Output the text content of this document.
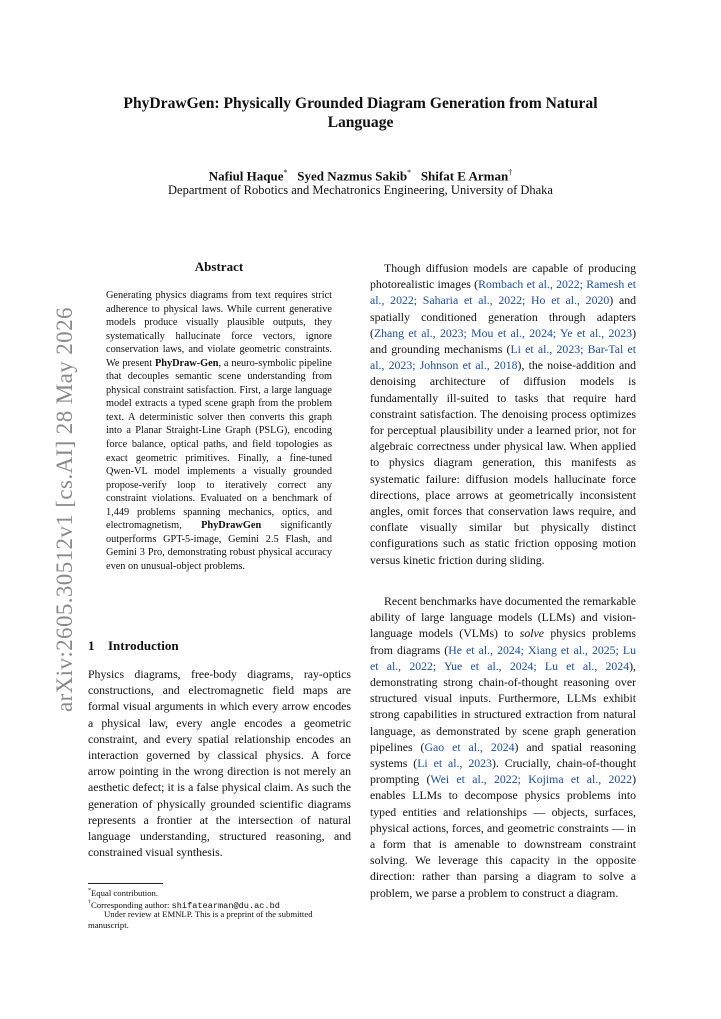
PhyDrawGen: Physically Grounded Diagram Generation from Natural
Language
Nafiul Haque* Syed Nazmus Sakib* Shifat E Arman†
Department of Robotics and Mechatronics Engineering, University of Dhaka
arXiv:2605.30512v1 [cs.AI] 28 May 2026
Abstract
Generating physics diagrams from text requires strict adherence to physical laws. While current generative models produce visually plausible outputs, they systematically hallucinate force vectors, ignore conservation laws, and violate geometric constraints. We present PhyDraw-Gen, a neuro-symbolic pipeline that decouples semantic scene understanding from physical constraint satisfaction. First, a large language model extracts a typed scene graph from the problem text. A deterministic solver then converts this graph into a Planar Straight-Line Graph (PSLG), encoding force balance, optical paths, and field topologies as exact geometric primitives. Finally, a fine-tuned Qwen-VL model implements a visually grounded propose-verify loop to iteratively correct any constraint violations. Evaluated on a benchmark of 1,449 problems spanning mechanics, optics, and electromagnetism, PhyDrawGen significantly outperforms GPT-5-image, Gemini 2.5 Flash, and Gemini 3 Pro, demonstrating robust physical accuracy even on unusual-object problems.
1 Introduction
Physics diagrams, free-body diagrams, ray-optics constructions, and electromagnetic field maps are formal visual arguments in which every arrow encodes a physical law, every angle encodes a geometric constraint, and every spatial relationship encodes an interaction governed by classical physics. A force arrow pointing in the wrong direction is not merely an aesthetic defect; it is a false physical claim. As such the generation of physically grounded scientific diagrams represents a frontier at the intersection of natural language understanding, structured reasoning, and constrained visual synthesis.
*Equal contribution.
†Corresponding author: shifatearman@du.ac.bd
Under review at EMNLP. This is a preprint of the submitted manuscript.

Though diffusion models are capable of producing photorealistic images (Rombach et al., 2022; Ramesh et al., 2022; Saharia et al., 2022; Ho et al., 2020) and spatially conditioned generation through adapters (Zhang et al., 2023; Mou et al., 2024; Ye et al., 2023) and grounding mechanisms (Li et al., 2023; Bar-Tal et al., 2023; Johnson et al., 2018), the noise-addition and denoising architecture of diffusion models is fundamentally ill-suited to tasks that require hard constraint satisfaction. The denoising process optimizes for perceptual plausibility under a learned prior, not for algebraic correctness under physical law. When applied to physics diagram generation, this manifests as systematic failure: diffusion models hallucinate force directions, place arrows at geometrically inconsistent angles, omit forces that conservation laws require, and conflate visually similar but physically distinct configurations such as static friction opposing motion versus kinetic friction during sliding.

Recent benchmarks have documented the remarkable ability of large language models (LLMs) and vision-language models (VLMs) to solve physics problems from diagrams (He et al., 2024; Xiang et al., 2025; Lu et al., 2022; Yue et al., 2024; Lu et al., 2024), demonstrating strong chain-of-thought reasoning over structured visual inputs. Furthermore, LLMs exhibit strong capabilities in structured extraction from natural language, as demonstrated by scene graph generation pipelines (Gao et al., 2024) and spatial reasoning systems (Li et al., 2023). Crucially, chain-of-thought prompting (Wei et al., 2022; Kojima et al., 2022) enables LLMs to decompose physics problems into typed entities and relationships — objects, surfaces, physical actions, forces, and geometric constraints — in a form that is amenable to downstream constraint solving. We leverage this capacity in the opposite direction: rather than parsing a diagram to solve a problem, we parse a problem to construct a diagram.
